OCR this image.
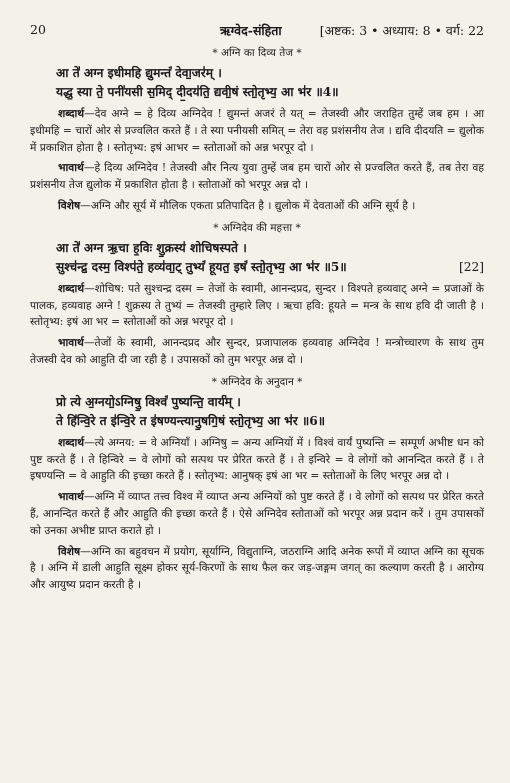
20	ऋग्वेद-संहिता	[अष्टक: 3 • अध्याय: 8 • वर्ग: 22
* अग्नि का दिव्य तेज *
आ ते॑ अग्न इधीमहि द्युमन्तं॑ देवा॒जर॑म् ।
यद्ध॒ स्या ते॒ पनी॑यसी स॒मिद् दी॒दय॑ति॒ द्यवी॒षं स्तो॒तृभ्य॒ आ भ॑र ॥4॥

शब्दार्थ—देव अग्ने = हे दिव्य अग्निदेव ! द्युमन्तं अजरं ते यत् = तेजस्वी और जराहित तुम्हें जब हम । आ इधीमहि = चारों ओर से प्रज्वलित करते हैं । ते स्या पनीयसी समित् = तेरा वह प्रशंसनीय तेज । द्यवि दीदयति = द्युलोक में प्रकाशित होता है । स्तोतृभ्य: इषं आभर = स्तोताओं को अन्न भरपूर दो ।

भावार्थ—हे दिव्य अग्निदेव ! तेजस्वी और नित्य युवा तुम्हें जब हम चारों ओर से प्रज्वलित करते हैं, तब तेरा वह प्रशंसनीय तेज द्युलोक में प्रकाशित होता है । स्तोताओं को भरपूर अन्न दो ।

विशेष—अग्नि और सूर्य में मौलिक एकता प्रतिपादित है । द्युलोक में देवताओं की अग्नि सूर्य है ।

* अग्निदेव की महत्ता *
आ ते॑ अग्न ऋ॒चा ह॒विः शु॒क्रस्य॑ शोचिषस्पते ।
सुश्च॑न्द्र॒ दस्म॒ विश्प॑ते॒ हव्य॑वा॒ट् तुभ्यं॑ हूयत॒ इषं॑ स्तो॒तृभ्य॒ आ भ॑र ॥5॥	[22]

शब्दार्थ—शोचिष: पते सुश्चन्द्र दस्म = तेजों के स्वामी, आनन्दप्रद, सुन्दर । विश्पते हव्यवाट् अग्ने = प्रजाओं के पालक, हव्यवाह अग्ने ! शुक्रस्य ते तुभ्यं = तेजस्वी तुम्हारे लिए । ऋचा हवि: हूयते = मन्त्र के साथ हवि दी जाती है । स्तोतृभ्य: इषं आ भर = स्तोताओं को अन्न भरपूर दो ।

भावार्थ—तेजों के स्वामी, आनन्दप्रद और सुन्दर, प्रजापालक हव्यवाह अग्निदेव ! मन्त्रोच्चारण के साथ तुम तेजस्वी देव को आहुति दी जा रही है । उपासकों को तुम भरपूर अन्न दो ।

* अग्निदेव के अनुदान *
प्रो त्ये अ॒ग्नयो॒ऽग्निषु॒ विश्वं॑ पुष्यन्ति॒ वार्य॑म् ।
ते हि॑न्वि॒रे त इ॑न्वि॒रे त इ॑षण्यन्त्यानु॒षगि॒षं स्तो॒तृभ्य॒ आ भ॑र ॥6॥

शब्दार्थ—त्ये अग्नय: = वे अग्नियाँ । अग्निषु = अन्य अग्नियों में । विश्वं वार्यं पुष्यन्ति = सम्पूर्ण अभीष्ट धन को पुष्ट करते हैं । ते हिन्विरे = वे लोगों को सत्पथ पर प्रेरित करते हैं । ते इन्विरे = वे लोगों को आनन्दित करते हैं । ते इषण्यन्ति = वे आहुति की इच्छा करते हैं । स्तोतृभ्य: आनुषक् इषं आ भर = स्तोताओं के लिए भरपूर अन्न दो ।

भावार्थ—अग्नि में व्याप्त तत्त्व विश्व में व्याप्त अन्य अग्नियों को पुष्ट करते हैं । वे लोगों को सत्पथ पर प्रेरित करते हैं, आनन्दित करते हैं और आहुति की इच्छा करते हैं । ऐसे अग्निदेव स्तोताओं को भरपूर अन्न प्रदान करें । तुम उपासकों को उनका अभीष्ट प्राप्त कराते हो ।

विशेष—अग्नि का बहुवचन में प्रयोग, सूर्याग्नि, विद्युताग्नि, जठराग्नि आदि अनेक रूपों में व्याप्त अग्नि का सूचक है । अग्नि में डाली आहुति सूक्ष्म होकर सूर्य-किरणों के साथ फैल कर जड़-जङ्गम जगत् का कल्याण करती है । आरोग्य और आयुष्य प्रदान करती है ।
